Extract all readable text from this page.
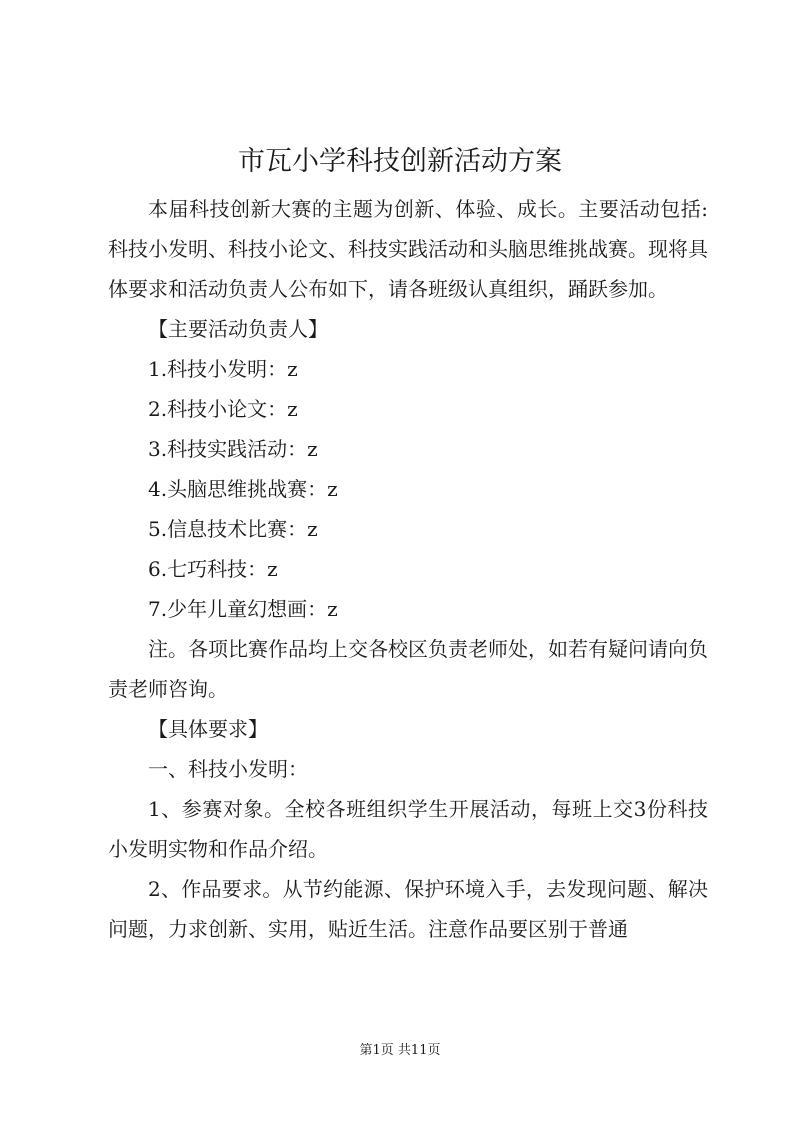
市瓦小学科技创新活动方案

本届科技创新大赛的主题为创新、体验、成长。主要活动包括:科技小发明、科技小论文、科技实践活动和头脑思维挑战赛。现将具体要求和活动负责人公布如下，请各班级认真组织，踊跃参加。

【主要活动负责人】

1.科技小发明：z

2.科技小论文：z

3.科技实践活动：z

4.头脑思维挑战赛：z

5.信息技术比赛：z

6.七巧科技：z

7.少年儿童幻想画：z

注。各项比赛作品均上交各校区负责老师处，如若有疑问请向负责老师咨询。

【具体要求】

一、科技小发明：

1、参赛对象。全校各班组织学生开展活动，每班上交3份科技小发明实物和作品介绍。

2、作品要求。从节约能源、保护环境入手，去发现问题、解决问题，力求创新、实用，贴近生活。注意作品要区别于普通

第1页 共11页
